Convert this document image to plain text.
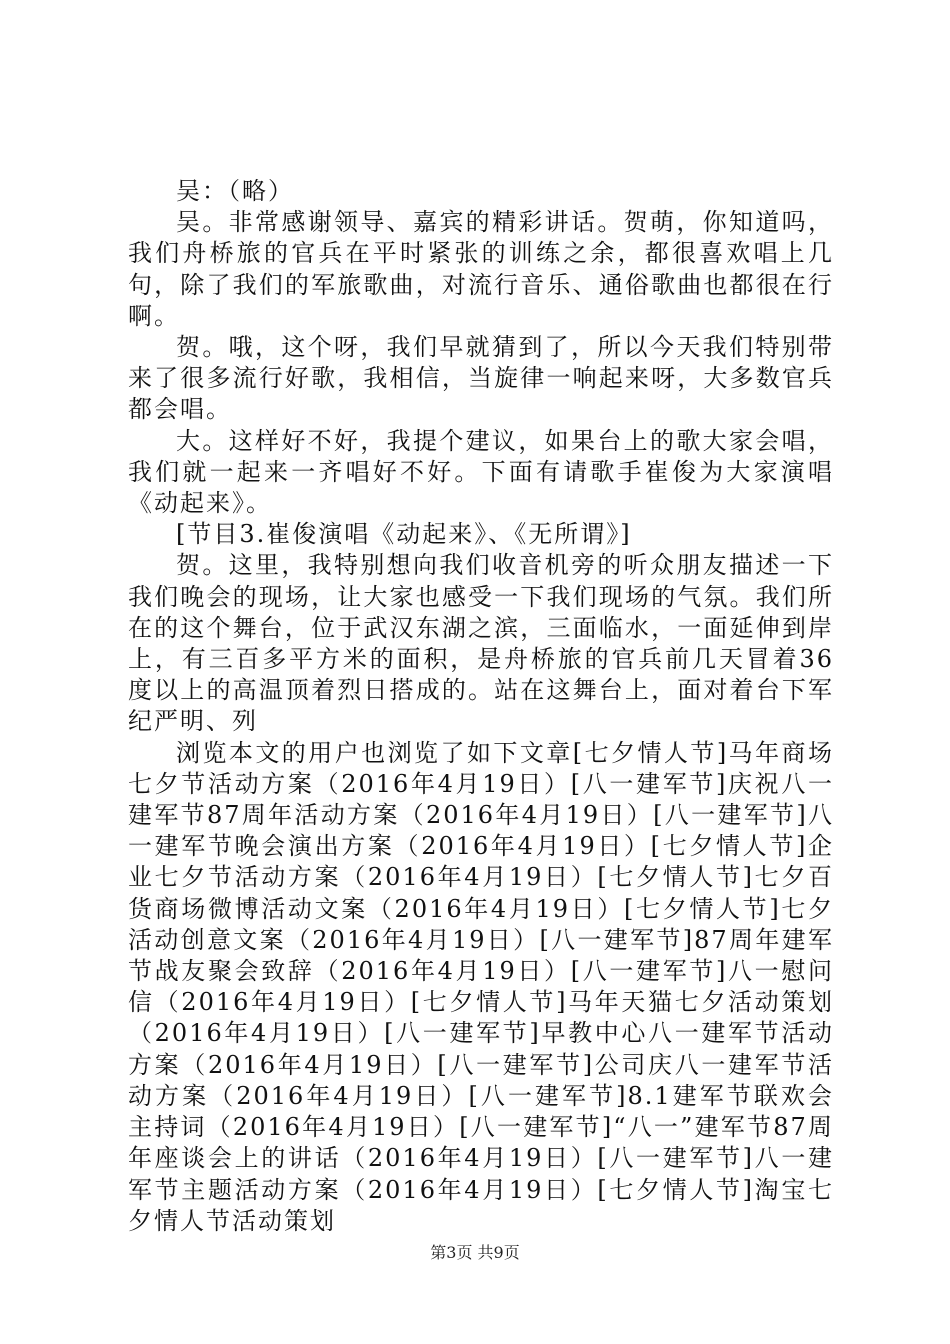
吴：（略）

吴。非常感谢领导、嘉宾的精彩讲话。贺萌，你知道吗，我们舟桥旅的官兵在平时紧张的训练之余，都很喜欢唱上几句，除了我们的军旅歌曲，对流行音乐、通俗歌曲也都很在行啊。

贺。哦，这个呀，我们早就猜到了，所以今天我们特别带来了很多流行好歌，我相信，当旋律一响起来呀，大多数官兵都会唱。

大。这样好不好，我提个建议，如果台上的歌大家会唱，我们就一起来一齐唱好不好。下面有请歌手崔俊为大家演唱《动起来》。

[节目3.崔俊演唱《动起来》、《无所谓》]

贺。这里，我特别想向我们收音机旁的听众朋友描述一下我们晚会的现场，让大家也感受一下我们现场的气氛。我们所在的这个舞台，位于武汉东湖之滨，三面临水，一面延伸到岸上，有三百多平方米的面积，是舟桥旅的官兵前几天冒着36度以上的高温顶着烈日搭成的。站在这舞台上，面对着台下军纪严明、列

浏览本文的用户也浏览了如下文章[七夕情人节]马年商场七夕节活动方案（2016年4月19日）[八一建军节]庆祝八一建军节87周年活动方案（2016年4月19日）[八一建军节]八一建军节晚会演出方案（2016年4月19日）[七夕情人节]企业七夕节活动方案（2016年4月19日）[七夕情人节]七夕百货商场微博活动文案（2016年4月19日）[七夕情人节]七夕活动创意文案（2016年4月19日）[八一建军节]87周年建军节战友聚会致辞（2016年4月19日）[八一建军节]八一慰问信（2016年4月19日）[七夕情人节]马年天猫七夕活动策划（2016年4月19日）[八一建军节]早教中心八一建军节活动方案（2016年4月19日）[八一建军节]公司庆八一建军节活动方案（2016年4月19日）[八一建军节]8.1建军节联欢会主持词（2016年4月19日）[八一建军节]“八一”建军节87周年座谈会上的讲话（2016年4月19日）[八一建军节]八一建军节主题活动方案（2016年4月19日）[七夕情人节]淘宝七夕情人节活动策划

第3页 共9页
